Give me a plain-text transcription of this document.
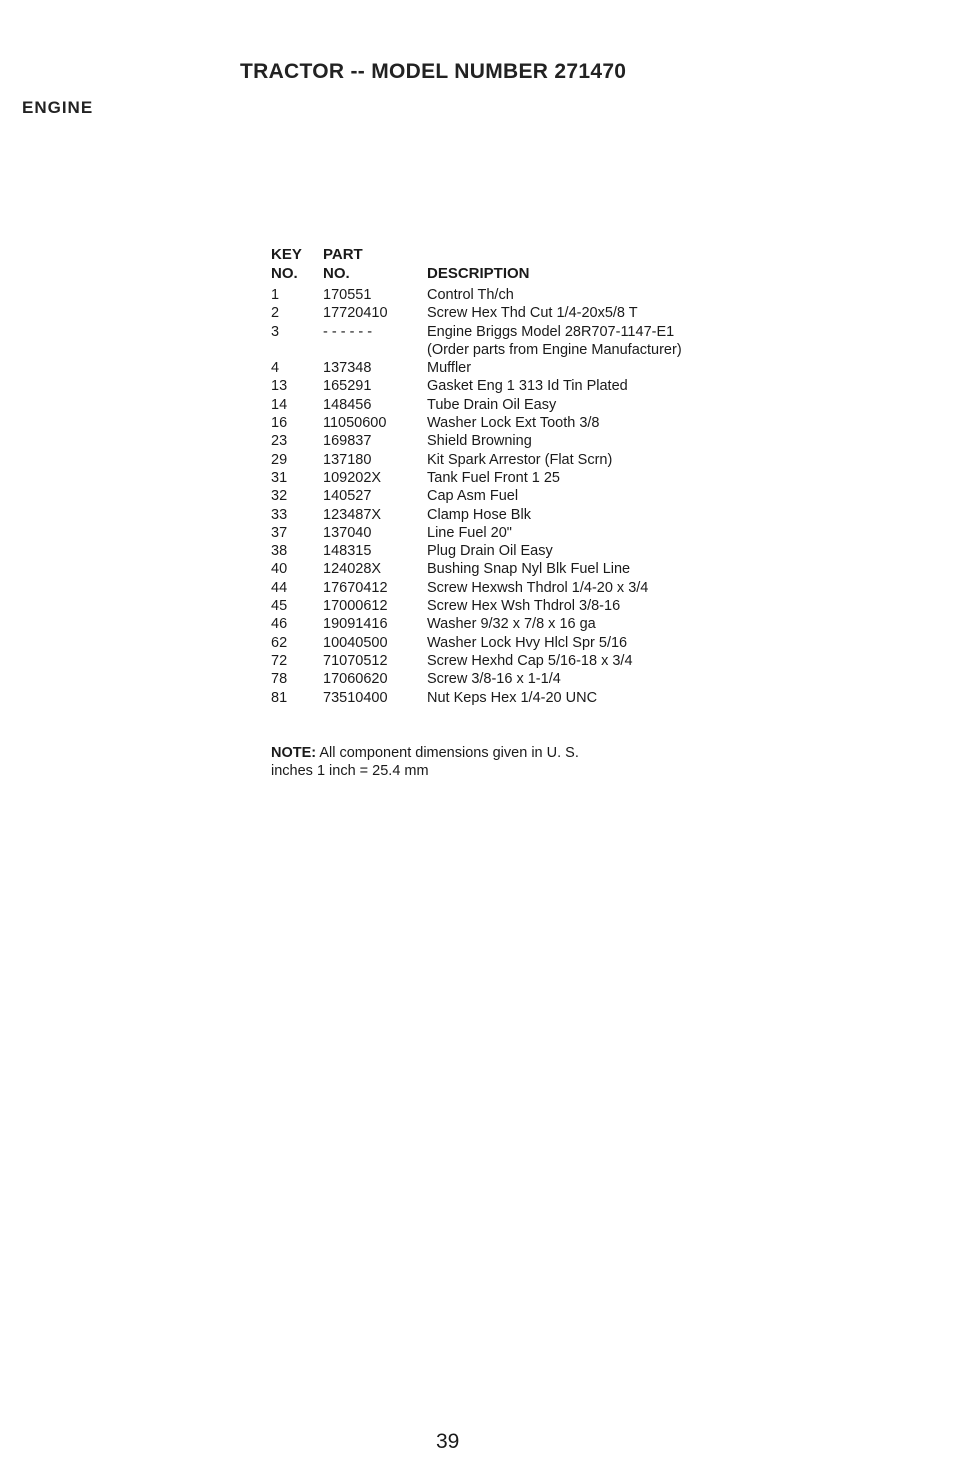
TRACTOR -- MODEL NUMBER 271470
ENGINE
KEY PART
NO. NO.	DESCRIPTION
1	170551	Control Th/ch
2	17720410	Screw Hex Thd Cut 1/4-20x5/8 T
3	- - - - - -	Engine Briggs Model 28R707-1147-E1

(Order parts from Engine Manufacturer)
4	137348	Muffler
13	165291	Gasket Eng 1 313 Id Tin Plated
14	148456	Tube Drain Oil Easy
16	11050600	Washer Lock Ext Tooth 3/8
23	169837	Shield Browning
29	137180	Kit Spark Arrestor (Flat Scrn)
31	109202X	Tank Fuel Front 1 25
32	140527	Cap Asm Fuel
33	123487X	Clamp Hose Blk
37	137040	Line Fuel 20"
38	148315	Plug Drain Oil Easy
40	124028X	Bushing Snap Nyl Blk Fuel Line
44	17670412	Screw Hexwsh Thdrol 1/4-20 x 3/4
45	17000612	Screw Hex Wsh Thdrol 3/8-16
46	19091416	Washer 9/32 x 7/8 x 16 ga
62	10040500	Washer Lock Hvy Hlcl Spr 5/16
72	71070512	Screw Hexhd Cap 5/16-18 x 3/4
78	17060620	Screw 3/8-16 x 1-1/4
81	73510400	Nut Keps Hex 1/4-20 UNC
NOTE: All component dimensions given in U. S.
inches 1 inch = 25.4 mm
39
